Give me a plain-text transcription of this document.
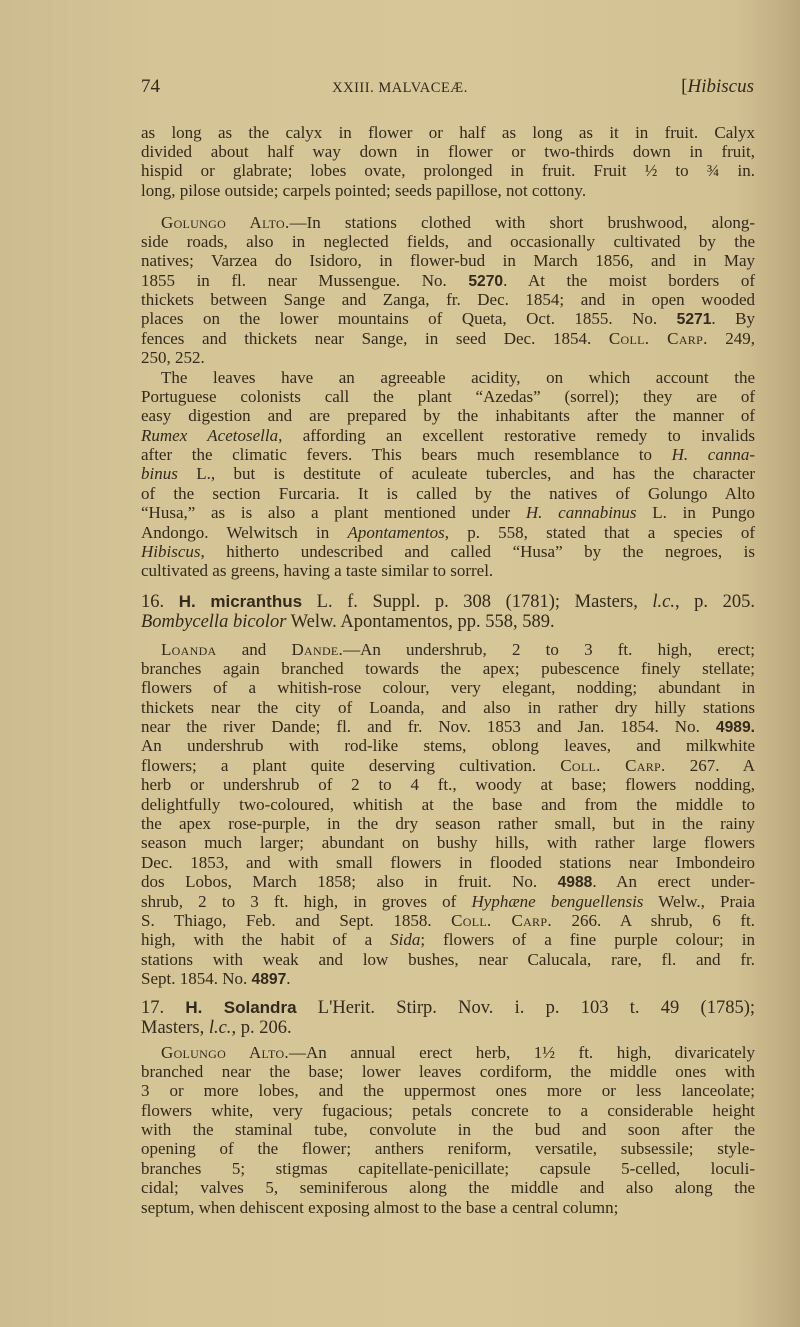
74	XXIII. MALVACEÆ.	[Hibiscus
as long as the calyx in flower or half as long as it in fruit. Calyx
divided about half way down in flower or two-thirds down in fruit,
hispid or glabrate; lobes ovate, prolonged in fruit. Fruit ½ to ¾ in.
long, pilose outside; carpels pointed; seeds papillose, not cottony.
Golungo Alto.—In stations clothed with short brushwood, along-
side roads, also in neglected fields, and occasionally cultivated by the
natives; Varzea do Isidoro, in flower-bud in March 1856, and in May
1855 in fl. near Mussengue. No. 5270. At the moist borders of
thickets between Sange and Zanga, fr. Dec. 1854; and in open wooded
places on the lower mountains of Queta, Oct. 1855. No. 5271. By
fences and thickets near Sange, in seed Dec. 1854. Coll. Carp. 249,
250, 252.
The leaves have an agreeable acidity, on which account the
Portuguese colonists call the plant “Azedas” (sorrel); they are of
easy digestion and are prepared by the inhabitants after the manner of
Rumex Acetosella, affording an excellent restorative remedy to invalids
after the climatic fevers. This bears much resemblance to H. canna-
binus L., but is destitute of aculeate tubercles, and has the character
of the section Furcaria. It is called by the natives of Golungo Alto
“Husa,” as is also a plant mentioned under H. cannabinus L. in Pungo
Andongo. Welwitsch in Apontamentos, p. 558, stated that a species of
Hibiscus, hitherto undescribed and called “Husa” by the negroes, is
cultivated as greens, having a taste similar to sorrel.
16. H. micranthus L. f. Suppl. p. 308 (1781); Masters, l.c., p. 205.
Bombycella bicolor Welw. Apontamentos, pp. 558, 589.
Loanda and Dande.—An undershrub, 2 to 3 ft. high, erect;
branches again branched towards the apex; pubescence finely stellate;
flowers of a whitish-rose colour, very elegant, nodding; abundant in
thickets near the city of Loanda, and also in rather dry hilly stations
near the river Dande; fl. and fr. Nov. 1853 and Jan. 1854. No. 4989.
An undershrub with rod-like stems, oblong leaves, and milkwhite
flowers; a plant quite deserving cultivation. Coll. Carp. 267. A
herb or undershrub of 2 to 4 ft., woody at base; flowers nodding,
delightfully two-coloured, whitish at the base and from the middle to
the apex rose-purple, in the dry season rather small, but in the rainy
season much larger; abundant on bushy hills, with rather large flowers
Dec. 1853, and with small flowers in flooded stations near Imbondeiro
dos Lobos, March 1858; also in fruit. No. 4988. An erect under-
shrub, 2 to 3 ft. high, in groves of Hyphæne benguellensis Welw., Praia
S. Thiago, Feb. and Sept. 1858. Coll. Carp. 266. A shrub, 6 ft.
high, with the habit of a Sida; flowers of a fine purple colour; in
stations with weak and low bushes, near Calucala, rare, fl. and fr.
Sept. 1854. No. 4897.
17. H. Solandra L'Herit. Stirp. Nov. i. p. 103 t. 49 (1785);
Masters, l.c., p. 206.
Golungo Alto.—An annual erect herb, 1½ ft. high, divaricately
branched near the base; lower leaves cordiform, the middle ones with
3 or more lobes, and the uppermost ones more or less lanceolate;
flowers white, very fugacious; petals concrete to a considerable height
with the staminal tube, convolute in the bud and soon after the
opening of the flower; anthers reniform, versatile, subsessile; style-
branches 5; stigmas capitellate-penicillate; capsule 5-celled, loculi-
cidal; valves 5, seminiferous along the middle and also along the
septum, when dehiscent exposing almost to the base a central column;
